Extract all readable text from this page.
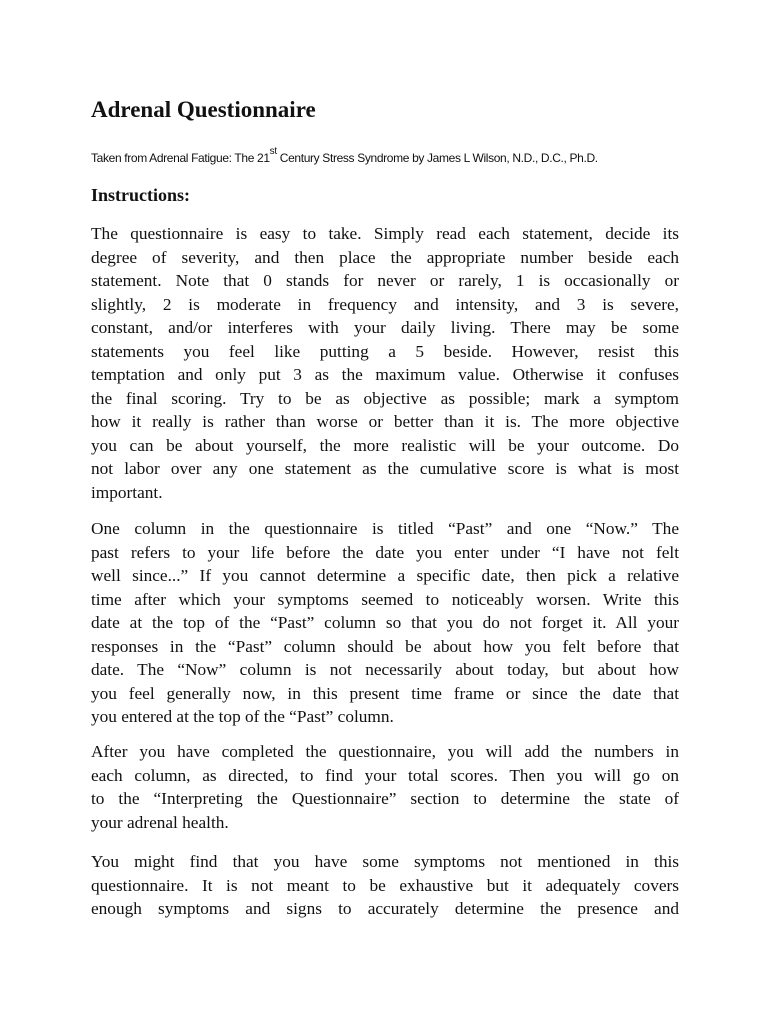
Adrenal Questionnaire

Taken from Adrenal Fatigue: The 21st Century Stress Syndrome by James L Wilson, N.D., D.C., Ph.D.

Instructions:

The questionnaire is easy to take. Simply read each statement, decide its
degree of severity, and then place the appropriate number beside each
statement. Note that 0 stands for never or rarely, 1 is occasionally or
slightly, 2 is moderate in frequency and intensity, and 3 is severe,
constant, and/or interferes with your daily living. There may be some
statements you feel like putting a 5 beside. However, resist this
temptation and only put 3 as the maximum value. Otherwise it confuses
the final scoring. Try to be as objective as possible; mark a symptom
how it really is rather than worse or better than it is. The more objective
you can be about yourself, the more realistic will be your outcome. Do
not labor over any one statement as the cumulative score is what is most
important.

One column in the questionnaire is titled “Past” and one “Now.” The
past refers to your life before the date you enter under “I have not felt
well since...” If you cannot determine a specific date, then pick a relative
time after which your symptoms seemed to noticeably worsen. Write this
date at the top of the “Past” column so that you do not forget it. All your
responses in the “Past” column should be about how you felt before that
date. The “Now” column is not necessarily about today, but about how
you feel generally now, in this present time frame or since the date that
you entered at the top of the “Past” column.

After you have completed the questionnaire, you will add the numbers in
each column, as directed, to find your total scores. Then you will go on
to the “Interpreting the Questionnaire” section to determine the state of
your adrenal health.

You might find that you have some symptoms not mentioned in this
questionnaire. It is not meant to be exhaustive but it adequately covers
enough symptoms and signs to accurately determine the presence and
